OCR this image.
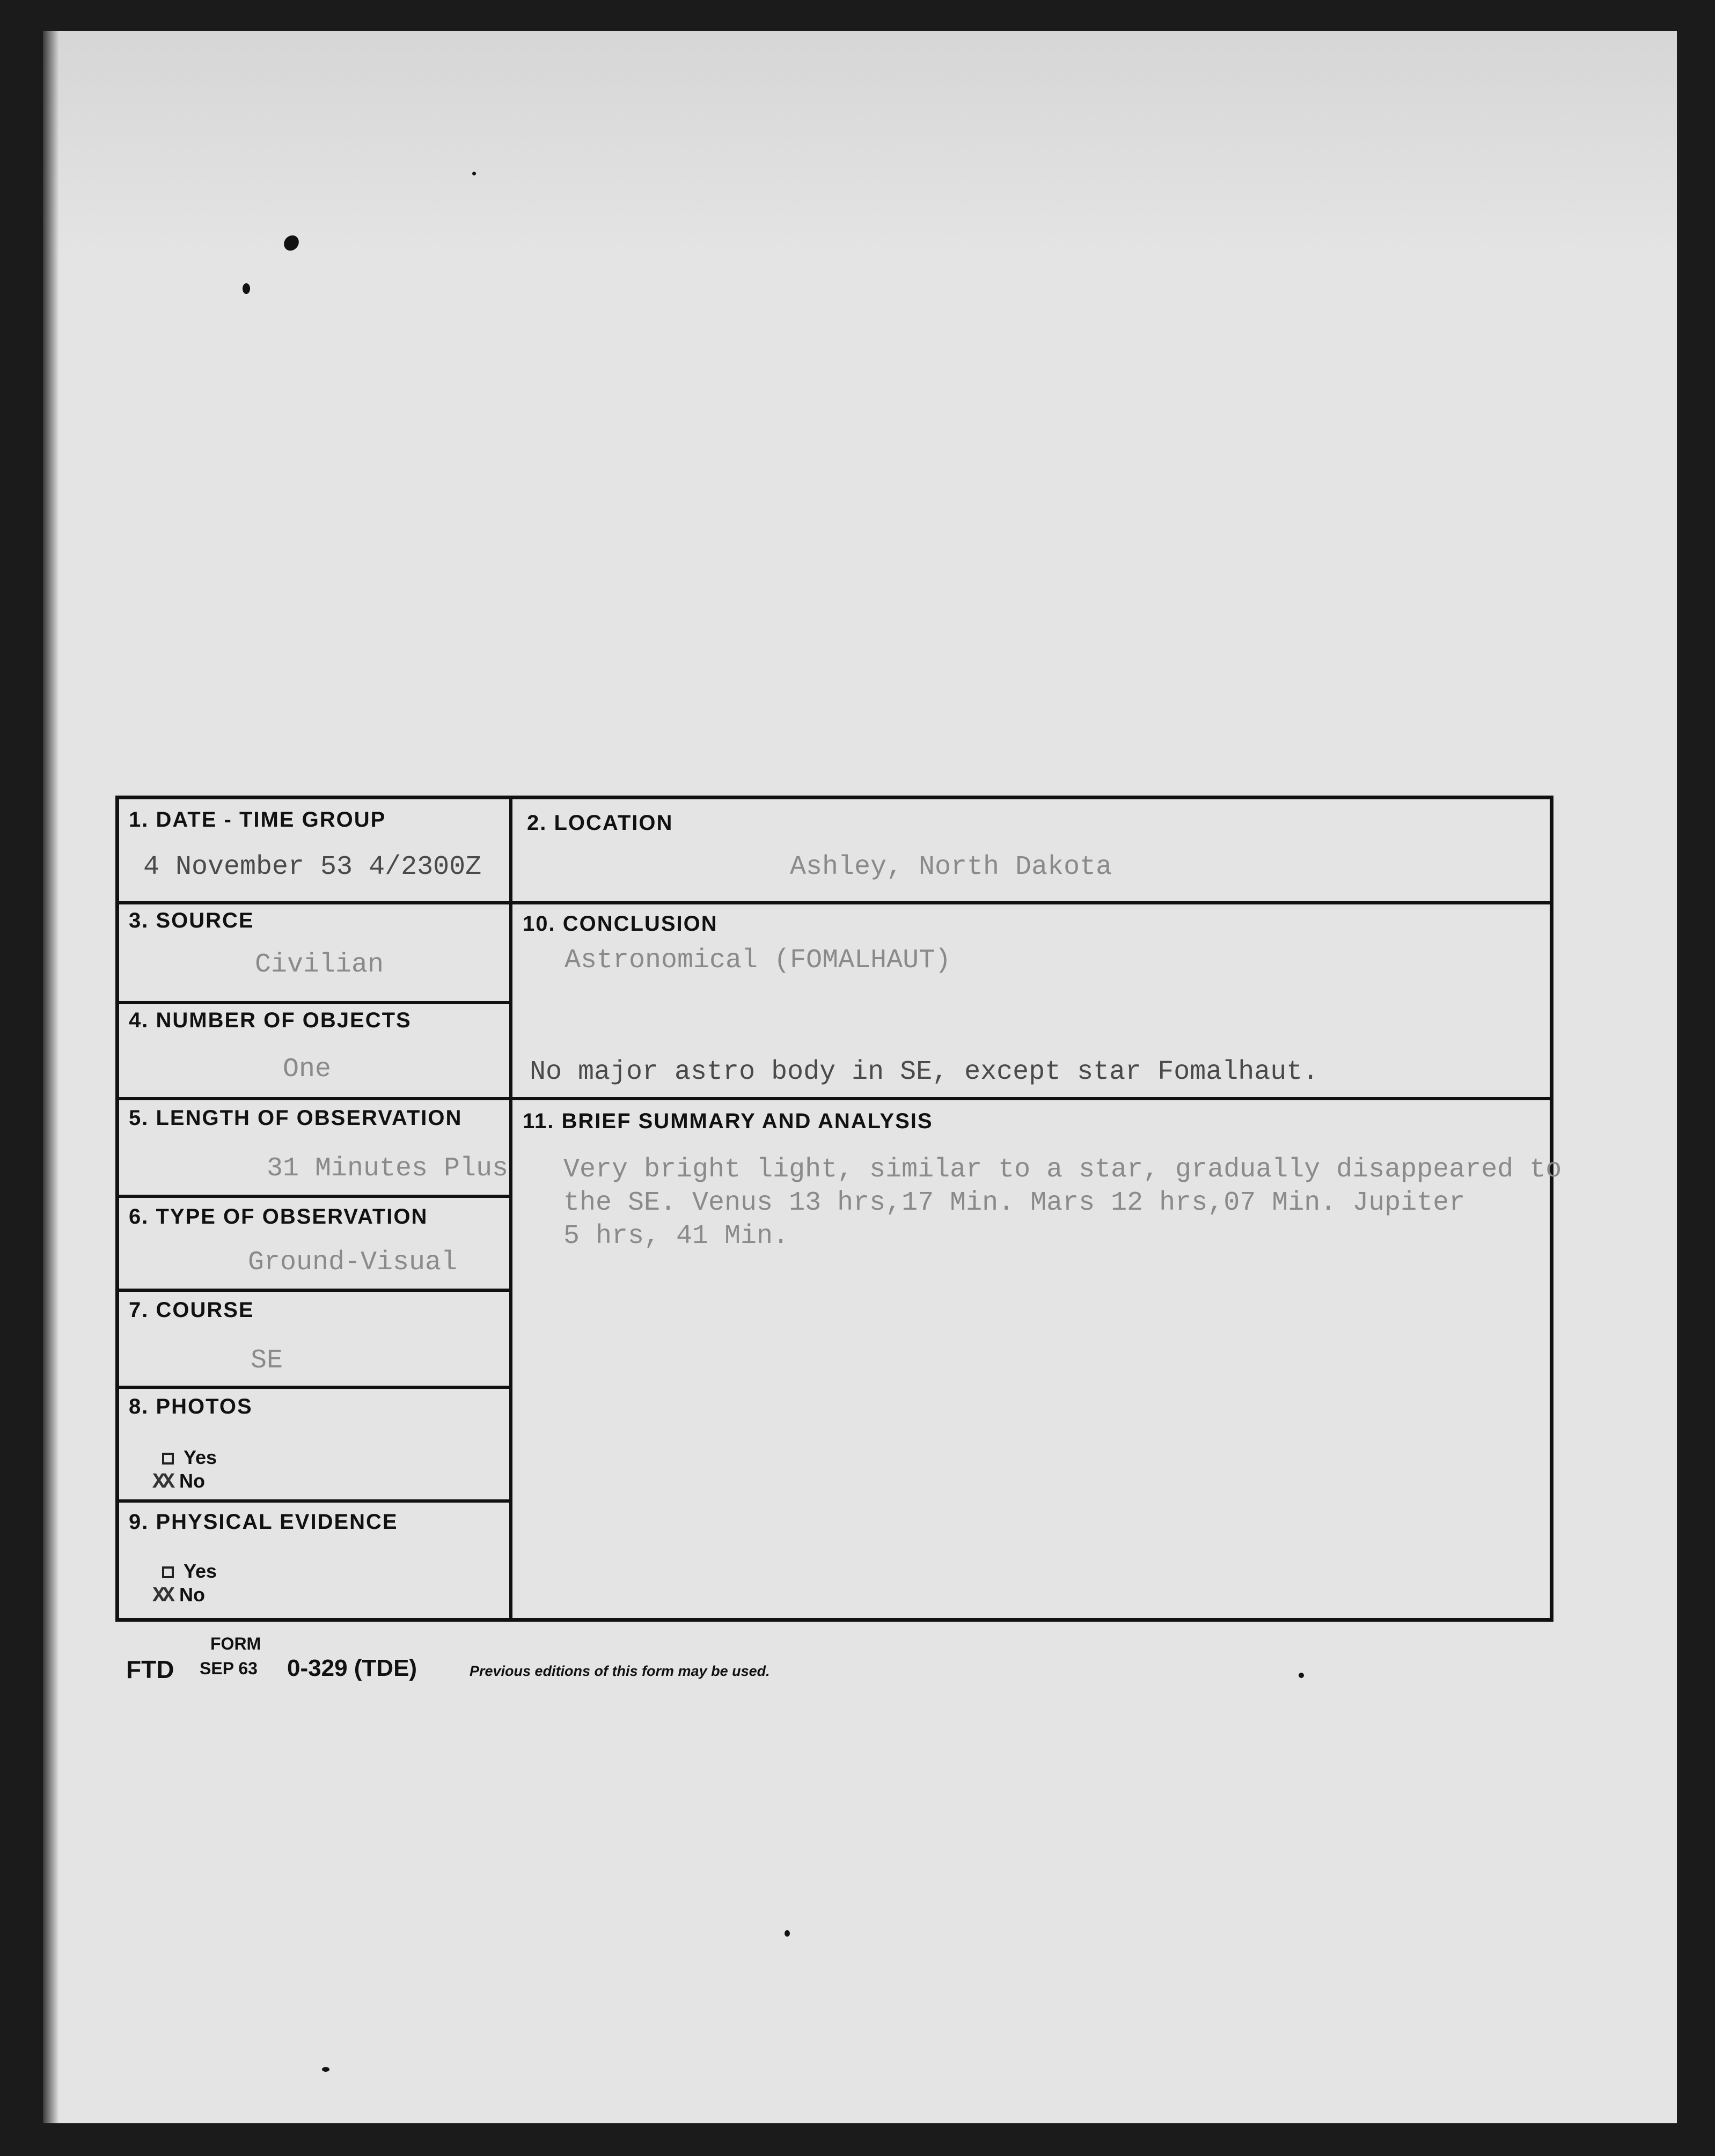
1. DATE - TIME GROUP
4 November 53 4/2300Z
2. LOCATION
Ashley, North Dakota
3. SOURCE
Civilian
10. CONCLUSION
Astronomical (FOMALHAUT)
No major astro body in SE, except star Fomalhaut.
4. NUMBER OF OBJECTS
One
5. LENGTH OF OBSERVATION
31 Minutes Plus
11. BRIEF SUMMARY AND ANALYSIS
6. TYPE OF OBSERVATION
Ground-Visual
7. COURSE
SE
8. PHOTOS
Yes
XX No
9. PHYSICAL EVIDENCE
Yes
XX No
Very bright light, similar to a star, gradually disappeared to
the SE. Venus 13 hrs,17 Min. Mars 12 hrs,07 Min. Jupiter
5 hrs, 41 Min.
FTD
FORM
SEP 63 0-329 (TDE)	Previous editions of this form may be used.
